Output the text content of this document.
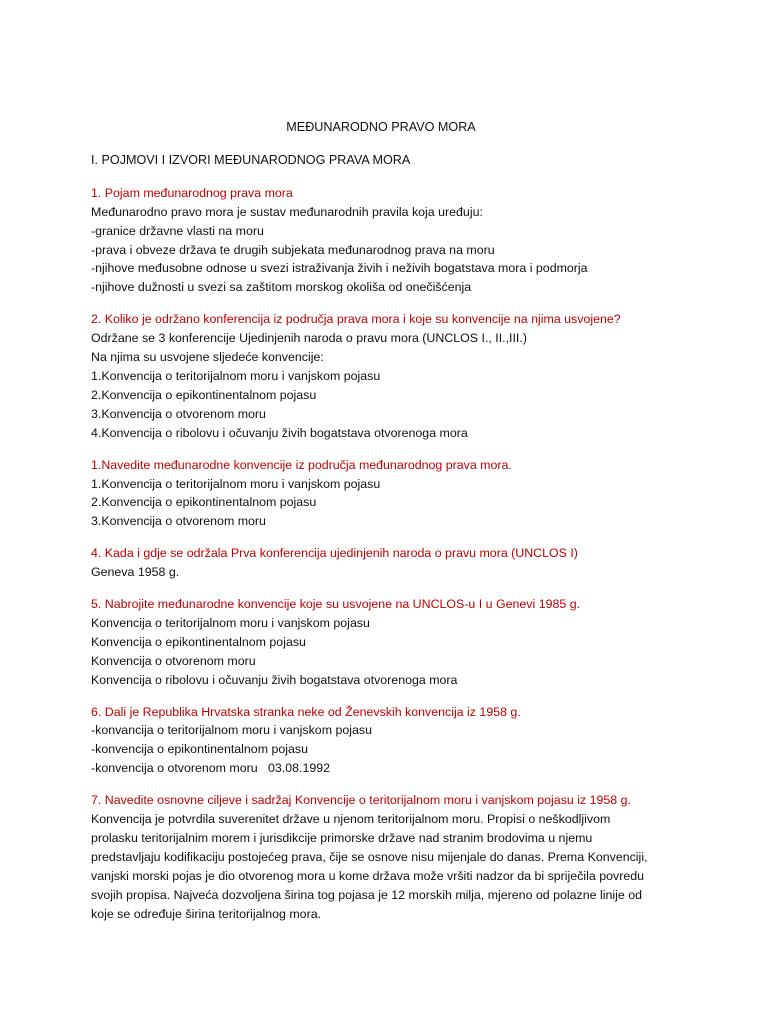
MEĐUNARODNO PRAVO MORA
I. POJMOVI I IZVORI MEĐUNARODNOG PRAVA MORA
1. Pojam međunarodnog prava mora
Međunarodno pravo mora je sustav međunarodnih pravila koja uređuju:
-granice državne vlasti na moru
-prava i obveze država te drugih subjekata međunarodnog prava na moru
-njihove međusobne odnose u svezi istraživanja živih i neživih bogatstava mora i podmorja
-njihove dužnosti u svezi sa zaštitom morskog okoliša od onečišćenja
2. Koliko je održano konferencija iz područja prava mora i koje su konvencije na njima usvojene?
Održane se 3 konferencije Ujedinjenih naroda o pravu mora (UNCLOS I., II.,III.)
Na njima su usvojene sljedeće konvencije:
1.Konvencija o teritorijalnom moru i vanjskom pojasu
2.Konvencija o epikontinentalnom pojasu
3.Konvencija o otvorenom moru
4.Konvencija o ribolovu i očuvanju živih bogatstava otvorenoga mora
1.Navedite međunarodne konvencije iz područja međunarodnog prava mora.
1.Konvencija o teritorijalnom moru i vanjskom pojasu
2.Konvencija o epikontinentalnom pojasu
3.Konvencija o otvorenom moru
4. Kada i gdje se održala Prva konferencija ujedinjenih naroda o pravu mora (UNCLOS I)
Geneva 1958 g.
5. Nabrojite međunarodne konvencije koje su usvojene na UNCLOS-u I u Genevi 1985 g.
Konvencija o teritorijalnom moru i vanjskom pojasu
Konvencija o epikontinentalnom pojasu
Konvencija o otvorenom moru
Konvencija o ribolovu i očuvanju živih bogatstava otvorenoga mora
6. Dali je Republika Hrvatska stranka neke od Ženevskih konvencija iz 1958 g.
-konvancija o teritorijalnom moru i vanjskom pojasu
-konvencija o epikontinentalnom pojasu
-konvencija o otvorenom moru   03.08.1992
7. Navedite osnovne ciljeve i sadržaj Konvencije o teritorijalnom moru i vanjskom pojasu iz 1958 g.
Konvencija je potvrdila suverenitet države u njenom teritorijalnom moru. Propisi o neškodljivom
prolasku teritorijalnim morem i jurisdikcije primorske države nad stranim brodovima u njemu
predstavljaju kodifikaciju postojećeg prava, čije se osnove nisu mijenjale do danas. Prema Konvenciji,
vanjski morski pojas je dio otvorenog mora u kome država može vršiti nadzor da bi spriječila povredu
svojih propisa. Najveća dozvoljena širina tog pojasa je 12 morskih milja, mjereno od polazne linije od
koje se određuje širina teritorijalnog mora.
